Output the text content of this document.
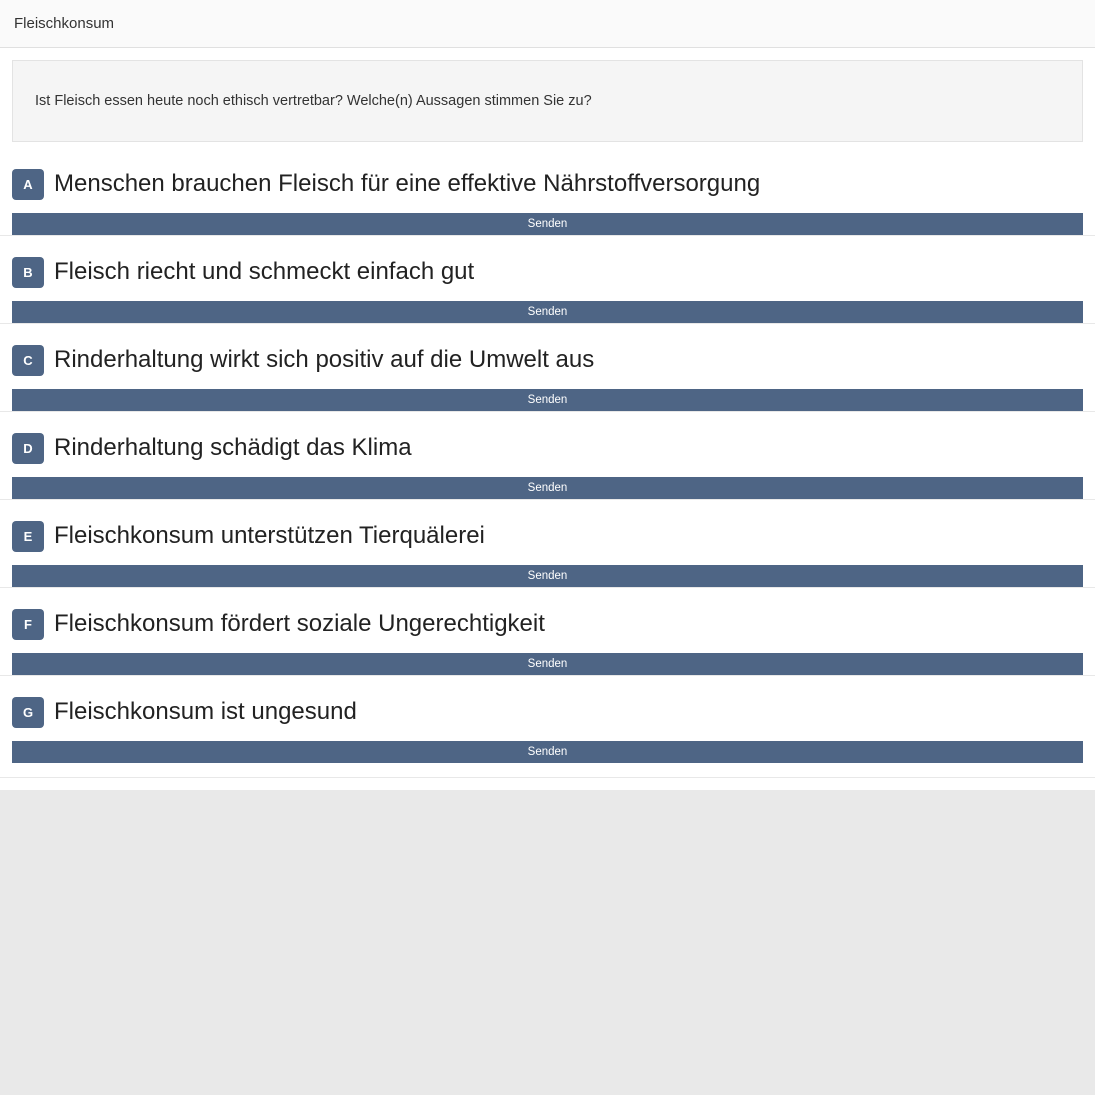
Fleischkonsum
Ist Fleisch essen heute noch ethisch vertretbar? Welche(n) Aussagen stimmen Sie zu?
A Menschen brauchen Fleisch für eine effektive Nährstoffversorgung
Senden
B Fleisch riecht und schmeckt einfach gut
Senden
C Rinderhaltung wirkt sich positiv auf die Umwelt aus
Senden
D Rinderhaltung schädigt das Klima
Senden
E Fleischkonsum unterstützen Tierquälerei
Senden
F Fleischkonsum fördert soziale Ungerechtigkeit
Senden
G Fleischkonsum ist ungesund
Senden
